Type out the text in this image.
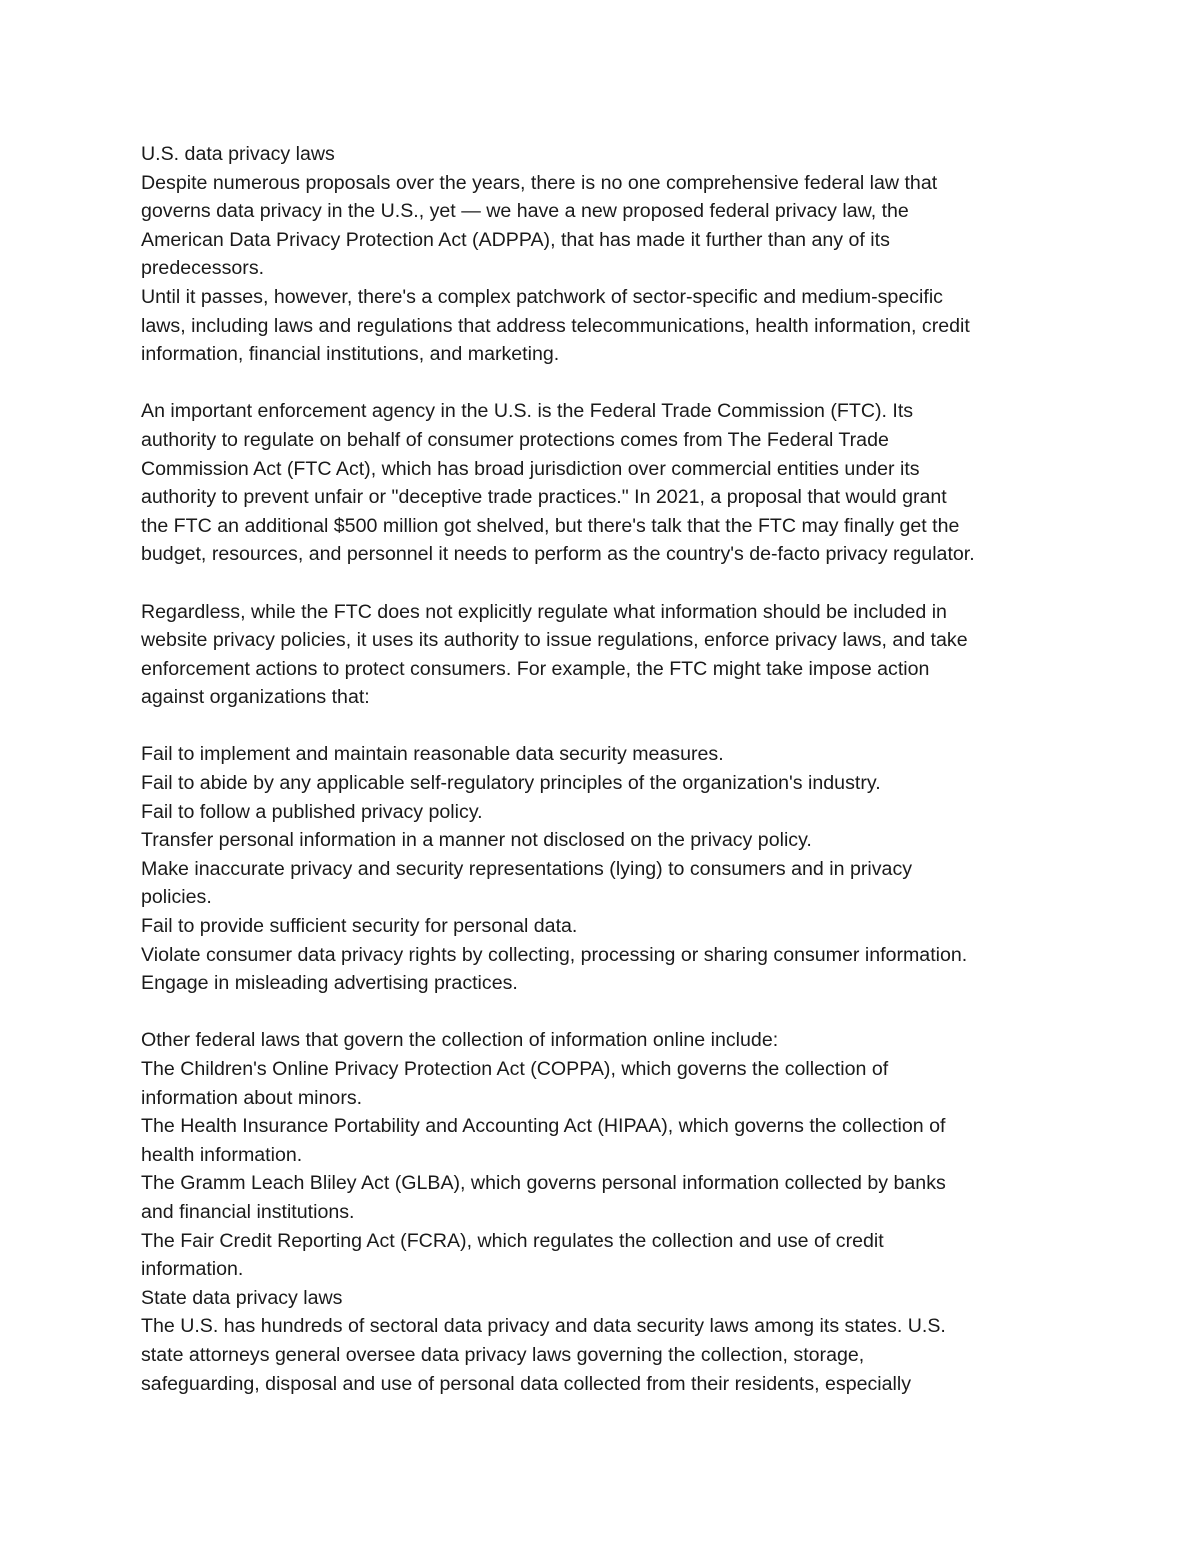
U.S. data privacy laws
Despite numerous proposals over the years, there is no one comprehensive federal law that
governs data privacy in the U.S., yet — we have a new proposed federal privacy law, the
American Data Privacy Protection Act (ADPPA), that has made it further than any of its
predecessors.
Until it passes, however, there's a complex patchwork of sector-specific and medium-specific
laws, including laws and regulations that address telecommunications, health information, credit
information, financial institutions, and marketing.
An important enforcement agency in the U.S. is the Federal Trade Commission (FTC). Its
authority to regulate on behalf of consumer protections comes from The Federal Trade
Commission Act (FTC Act), which has broad jurisdiction over commercial entities under its
authority to prevent unfair or "deceptive trade practices." In 2021, a proposal that would grant
the FTC an additional $500 million got shelved, but there's talk that the FTC may finally get the
budget, resources, and personnel it needs to perform as the country's de-facto privacy regulator.
Regardless, while the FTC does not explicitly regulate what information should be included in
website privacy policies, it uses its authority to issue regulations, enforce privacy laws, and take
enforcement actions to protect consumers. For example, the FTC might take impose action
against organizations that:
Fail to implement and maintain reasonable data security measures.
Fail to abide by any applicable self-regulatory principles of the organization's industry.
Fail to follow a published privacy policy.
Transfer personal information in a manner not disclosed on the privacy policy.
Make inaccurate privacy and security representations (lying) to consumers and in privacy
policies.
Fail to provide sufficient security for personal data.
Violate consumer data privacy rights by collecting, processing or sharing consumer information.
Engage in misleading advertising practices.
Other federal laws that govern the collection of information online include:
The Children's Online Privacy Protection Act (COPPA), which governs the collection of
information about minors.
The Health Insurance Portability and Accounting Act (HIPAA), which governs the collection of
health information.
The Gramm Leach Bliley Act (GLBA), which governs personal information collected by banks
and financial institutions.
The Fair Credit Reporting Act (FCRA), which regulates the collection and use of credit
information.
State data privacy laws
The U.S. has hundreds of sectoral data privacy and data security laws among its states. U.S.
state attorneys general oversee data privacy laws governing the collection, storage,
safeguarding, disposal and use of personal data collected from their residents, especially
